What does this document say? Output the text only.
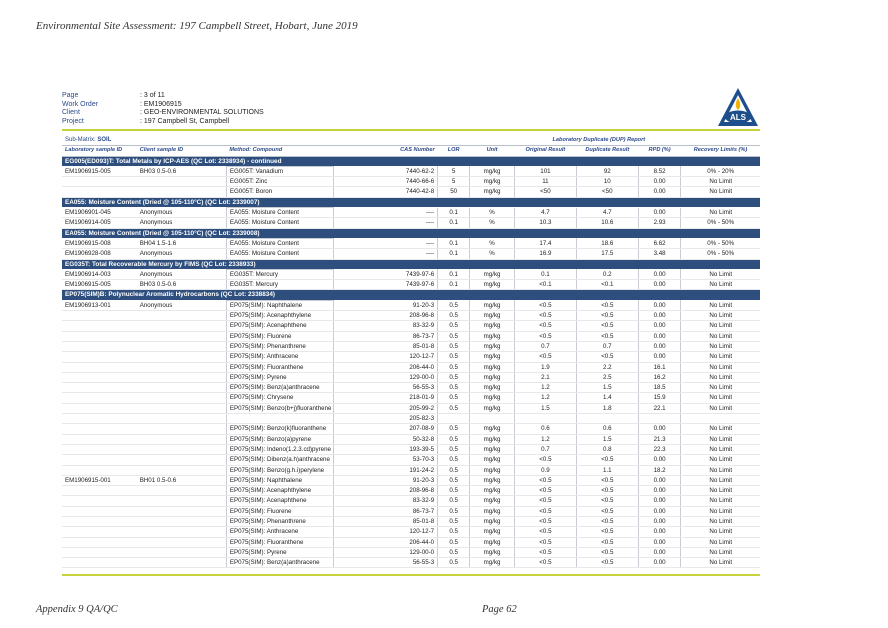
Environmental Site Assessment: 197 Campbell Street, Hobart, June 2019
Page	: 3 of 11
Work Order	: EM1906915
Client	: GEO-ENVIRONMENTAL SOLUTIONS
Project	: 197 Campbell St, Campbell	ALS
Sub-Matrix: SOIL				Laboratory Duplicate (DUP) Report					
Laboratory sample ID	Client sample ID	Method: Compound	CAS Number	LOR	Unit	Original Result	Duplicate Result	RPD (%)	Recovery Limits (%)
EG005(ED093)T: Total Metals by ICP-AES (QC Lot: 2338934) - continued									
EM1906915-005	BH03 0.5-0.6	EG005T: Vanadium	7440-62-2	5	mg/kg	101	92	8.52	0% - 20%
		EG005T: Zinc	7440-66-6	5	mg/kg	11	10	0.00	No Limit
		EG005T: Boron	7440-42-8	50	mg/kg	<50	<50	0.00	No Limit
EA055: Moisture Content (Dried @ 105-110°C) (QC Lot: 2339007)									
EM1906901-045	Anonymous	EA055: Moisture Content	----	0.1	%	4.7	4.7	0.00	No Limit
EM1906914-005	Anonymous	EA055: Moisture Content	----	0.1	%	10.3	10.6	2.93	0% - 50%
EA055: Moisture Content (Dried @ 105-110°C) (QC Lot: 2339008)									
EM1906915-008	BH04 1.5-1.6	EA055: Moisture Content	----	0.1	%	17.4	18.6	6.62	0% - 50%
EM1906928-008	Anonymous	EA055: Moisture Content	----	0.1	%	16.9	17.5	3.48	0% - 50%
EG035T: Total Recoverable Mercury by FIMS (QC Lot: 2338933)									
EM1906914-003	Anonymous	EG035T: Mercury	7439-97-6	0.1	mg/kg	0.1	0.2	0.00	No Limit
EM1906915-005	BH03 0.5-0.6	EG035T: Mercury	7439-97-6	0.1	mg/kg	<0.1	<0.1	0.00	No Limit
EP075(SIM)B: Polynuclear Aromatic Hydrocarbons (QC Lot: 2338834)									
EM1906913-001	Anonymous	EP075(SIM): Naphthalene	91-20-3	0.5	mg/kg	<0.5	<0.5	0.00	No Limit
		EP075(SIM): Acenaphthylene	208-96-8	0.5	mg/kg	<0.5	<0.5	0.00	No Limit
		EP075(SIM): Acenaphthene	83-32-9	0.5	mg/kg	<0.5	<0.5	0.00	No Limit
		EP075(SIM): Fluorene	86-73-7	0.5	mg/kg	<0.5	<0.5	0.00	No Limit
		EP075(SIM): Phenanthrene	85-01-8	0.5	mg/kg	0.7	0.7	0.00	No Limit
		EP075(SIM): Anthracene	120-12-7	0.5	mg/kg	<0.5	<0.5	0.00	No Limit
		EP075(SIM): Fluoranthene	206-44-0	0.5	mg/kg	1.9	2.2	16.1	No Limit
		EP075(SIM): Pyrene	129-00-0	0.5	mg/kg	2.1	2.5	16.2	No Limit
		EP075(SIM): Benz(a)anthracene	56-55-3	0.5	mg/kg	1.2	1.5	18.5	No Limit
		EP075(SIM): Chrysene	218-01-9	0.5	mg/kg	1.2	1.4	15.9	No Limit
		EP075(SIM): Benzo(b+j)fluoranthene	205-99-2	0.5	mg/kg	1.5	1.8	22.1	No Limit
			205-82-3						
		EP075(SIM): Benzo(k)fluoranthene	207-08-9	0.5	mg/kg	0.6	0.6	0.00	No Limit
		EP075(SIM): Benzo(a)pyrene	50-32-8	0.5	mg/kg	1.2	1.5	21.3	No Limit
		EP075(SIM): Indeno(1.2.3.cd)pyrene	193-39-5	0.5	mg/kg	0.7	0.8	22.3	No Limit
		EP075(SIM): Dibenz(a.h)anthracene	53-70-3	0.5	mg/kg	<0.5	<0.5	0.00	No Limit
		EP075(SIM): Benzo(g.h.i)perylene	191-24-2	0.5	mg/kg	0.9	1.1	18.2	No Limit
EM1906915-001	BH01 0.5-0.6	EP075(SIM): Naphthalene	91-20-3	0.5	mg/kg	<0.5	<0.5	0.00	No Limit
		EP075(SIM): Acenaphthylene	208-96-8	0.5	mg/kg	<0.5	<0.5	0.00	No Limit
		EP075(SIM): Acenaphthene	83-32-9	0.5	mg/kg	<0.5	<0.5	0.00	No Limit
		EP075(SIM): Fluorene	86-73-7	0.5	mg/kg	<0.5	<0.5	0.00	No Limit
		EP075(SIM): Phenanthrene	85-01-8	0.5	mg/kg	<0.5	<0.5	0.00	No Limit
		EP075(SIM): Anthracene	120-12-7	0.5	mg/kg	<0.5	<0.5	0.00	No Limit
		EP075(SIM): Fluoranthene	206-44-0	0.5	mg/kg	<0.5	<0.5	0.00	No Limit
		EP075(SIM): Pyrene	129-00-0	0.5	mg/kg	<0.5	<0.5	0.00	No Limit
		EP075(SIM): Benz(a)anthracene	56-55-3	0.5	mg/kg	<0.5	<0.5	0.00	No Limit
Appendix 9 QA/QC	Page 62
